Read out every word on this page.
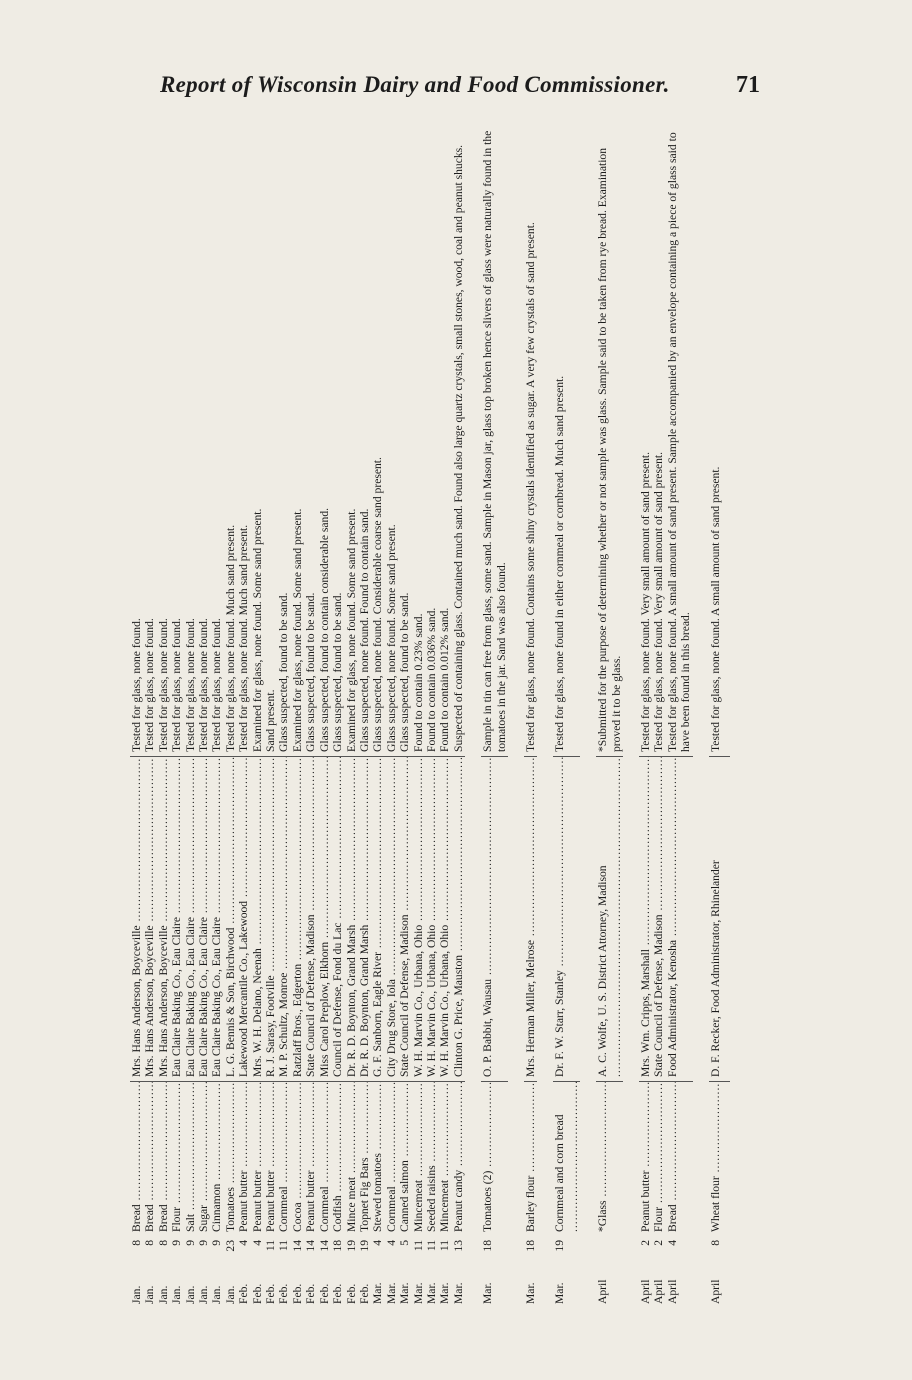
Report of Wisconsin Dairy and Food Commissioner.	71
Jan.	8	Bread .....	Mrs. Hans Anderson, Boyceville .....	Tested for glass, none found.
Jan.	8	Bread .....	Mrs. Hans Anderson, Boyceville .....	Tested for glass, none found.
Jan.	8	Bread .....	Mrs. Hans Anderson, Boyceville .....	Tested for glass, none found.
Jan.	9	Flour .....	Eau Claire Baking Co., Eau Claire .....	Tested for glass, none found.
Jan.	9	Salt .....	Eau Claire Baking Co., Eau Claire .....	Tested for glass, none found.
Jan.	9	Sugar .....	Eau Claire Baking Co., Eau Claire .....	Tested for glass, none found.
Jan.	9	Cinnamon .....	Eau Claire Baking Co., Eau Claire .....	Tested for glass, none found.
Jan.	23	Tomatoes .....	L. G. Bennis & Son, Birchwood .....	Tested for glass, none found. Much sand present.
Feb.	4	Peanut butter .....	Lakewood Mercantile Co., Lakewood .....	Tested for glass, none found. Much sand present.
Feb.	4	Peanut butter .....	Mrs. W. H. Delano, Neenah .....	Examined for glass, none found. Some sand present.
Feb.	11	Peanut butter .....	R. J. Sarasy, Footville .....	Sand present.
Feb.	11	Cornmeal .....	M. P. Schultz, Monroe .....	Glass suspected, found to be sand.
Feb.	14	Cocoa .....	Ratzlaff Bros., Edgerton .....	Examined for glass, none found. Some sand present.
Feb.	14	Peanut butter .....	State Council of Defense, Madison .....	Glass suspected, found to be sand.
Feb.	14	Cornmeal .....	Miss Carol Preplow, Elkhorn .....	Glass suspected, found to contain considerable sand.
Feb.	18	Codfish .....	Council of Defense, Fond du Lac .....	Glass suspected, found to be sand.
Feb.	19	Mince meat .....	Dr. R. D. Boynton, Grand Marsh .....	Examined for glass, none found. Some sand present.
Feb.	19	Topnet Fig Bars .....	Dr. R. D. Boynton, Grand Marsh .....	Glass suspected, none found. Found to contain sand.
Mar.	4	Stewed tomatoes .....	G. F. Sanborn, Eagle River .....	Glass suspected, none found. Considerable coarse sand present.
Mar.	4	Cornmeal .....	City Drug Store, Iola .....	Glass suspected, none found. Some sand present.
Mar.	5	Canned salmon .....	State Council of Defense, Madison .....	Glass suspected, found to be sand.
Mar.	11	Mincemeat .....	W. H. Marvin Co., Urbana, Ohio .....	Found to contain 0.23% sand.
Mar.	11	Seeded raisins .....	W. H. Marvin Co., Urbana, Ohio .....	Found to contain 0.036% sand.
Mar.	11	Mincemeat .....	W. H. Marvin Co., Urbana, Ohio .....	Found to contain 0.012% sand.
Mar.	13	Peanut candy .....	Clinton G. Price, Mauston .....	Suspected of containing glass. Contained much sand. Found also large quartz crystals, small stones, wood, coal and peanut shucks.

Mar.	18	Tomatoes (2) .....	O. P. Babbit, Wausau .....	Sample in tin can free from glass, some sand. Sample in Mason jar, glass top broken hence slivers of glass were naturally found in the tomatoes in the jar. Sand was also found.

Mar.	18	Barley flour .....	Mrs. Herman Miller, Melrose .....	Tested for glass, none found. Contains some shiny crystals identified as sugar. A very few crystals of sand present.

Mar.	19	Cornmeal and corn bread .....	Dr. F. W. Starr, Stanley .....	Tested for glass, none found in either cornmeal or cornbread. Much sand present.

April		*Glass .....	A. C. Wolfe, U. S. District Attorney, Madison .....	*Submitted for the purpose of determining whether or not sample was glass. Sample said to be taken from rye bread. Examination proved it to be glass.

April	2	Peanut butter .....	Mrs. Wm. Cripps, Marshall .....	Tested for glass, none found. Very small amount of sand present.
April	2	Flour .....	State Council of Defense, Madison .....	Tested for glass, none found. Very small amount of sand present.
April	4	Bread .....	Food Administrator, Kenosha .....	Tested for glass, none found. A small amount of sand present. Sample accompanied by an envelope containing a piece of glass said to have been found in this bread.

April	8	Wheat flour .....	D. F. Recker, Food Administrator, Rhinelander .....	Tested for glass, none found. A small amount of sand present.
